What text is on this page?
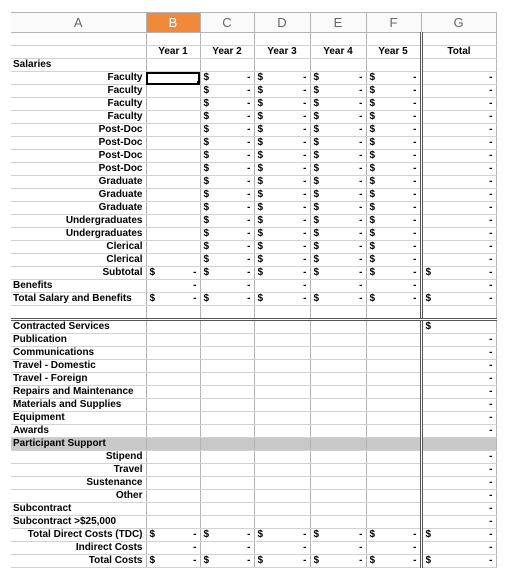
A	B	C	D	E	F	G

	Year 1	Year 2	Year 3	Year 4	Year 5	Total
Salaries						
Faculty		$ -	$ -	$ -	$ -	-

Faculty		$ -	$ -	$ -	$ -	-

Faculty		$ -	$ -	$ -	$ -	-

Faculty		$ -	$ -	$ -	$ -	-

Post-Doc		$ -	$ -	$ -	$ -	-

Post-Doc		$ -	$ -	$ -	$ -	-

Post-Doc		$ -	$ -	$ -	$ -	-

Post-Doc		$ -	$ -	$ -	$ -	-

Graduate		$ -	$ -	$ -	$ -	-

Graduate		$ -	$ -	$ -	$ -	-

Graduate		$ -	$ -	$ -	$ -	-

Undergraduates		$ -	$ -	$ -	$ -	-

Undergraduates		$ -	$ -	$ -	$ -	-

Clerical		$ -	$ -	$ -	$ -	-

Clerical		$ -	$ -	$ -	$ -	-

Subtotal	$ -	$ -	$ -	$ -	$ -	$ -

Benefits	-	-	-	-	-	-

Total Salary and Benefits	$ -	$ -	$ -	$ -	$ -	$ -

Contracted Services						$

Publication						-

Communications						-

Travel - Domestic						-

Travel - Foreign						-

Repairs and Maintenance						-

Materials and Supplies						-

Equipment						-

Awards						-

Participant Support						
Stipend						-

Travel						-

Sustenance						-

Other						-

Subcontract						-

Subcontract >$25,000						-

Total Direct Costs (TDC)	$ -	$ -	$ -	$ -	$ -	$ -

Indirect Costs	-	-	-	-	-	-

Total Costs	$ -	$ -	$ -	$ -	$ -	$ -
